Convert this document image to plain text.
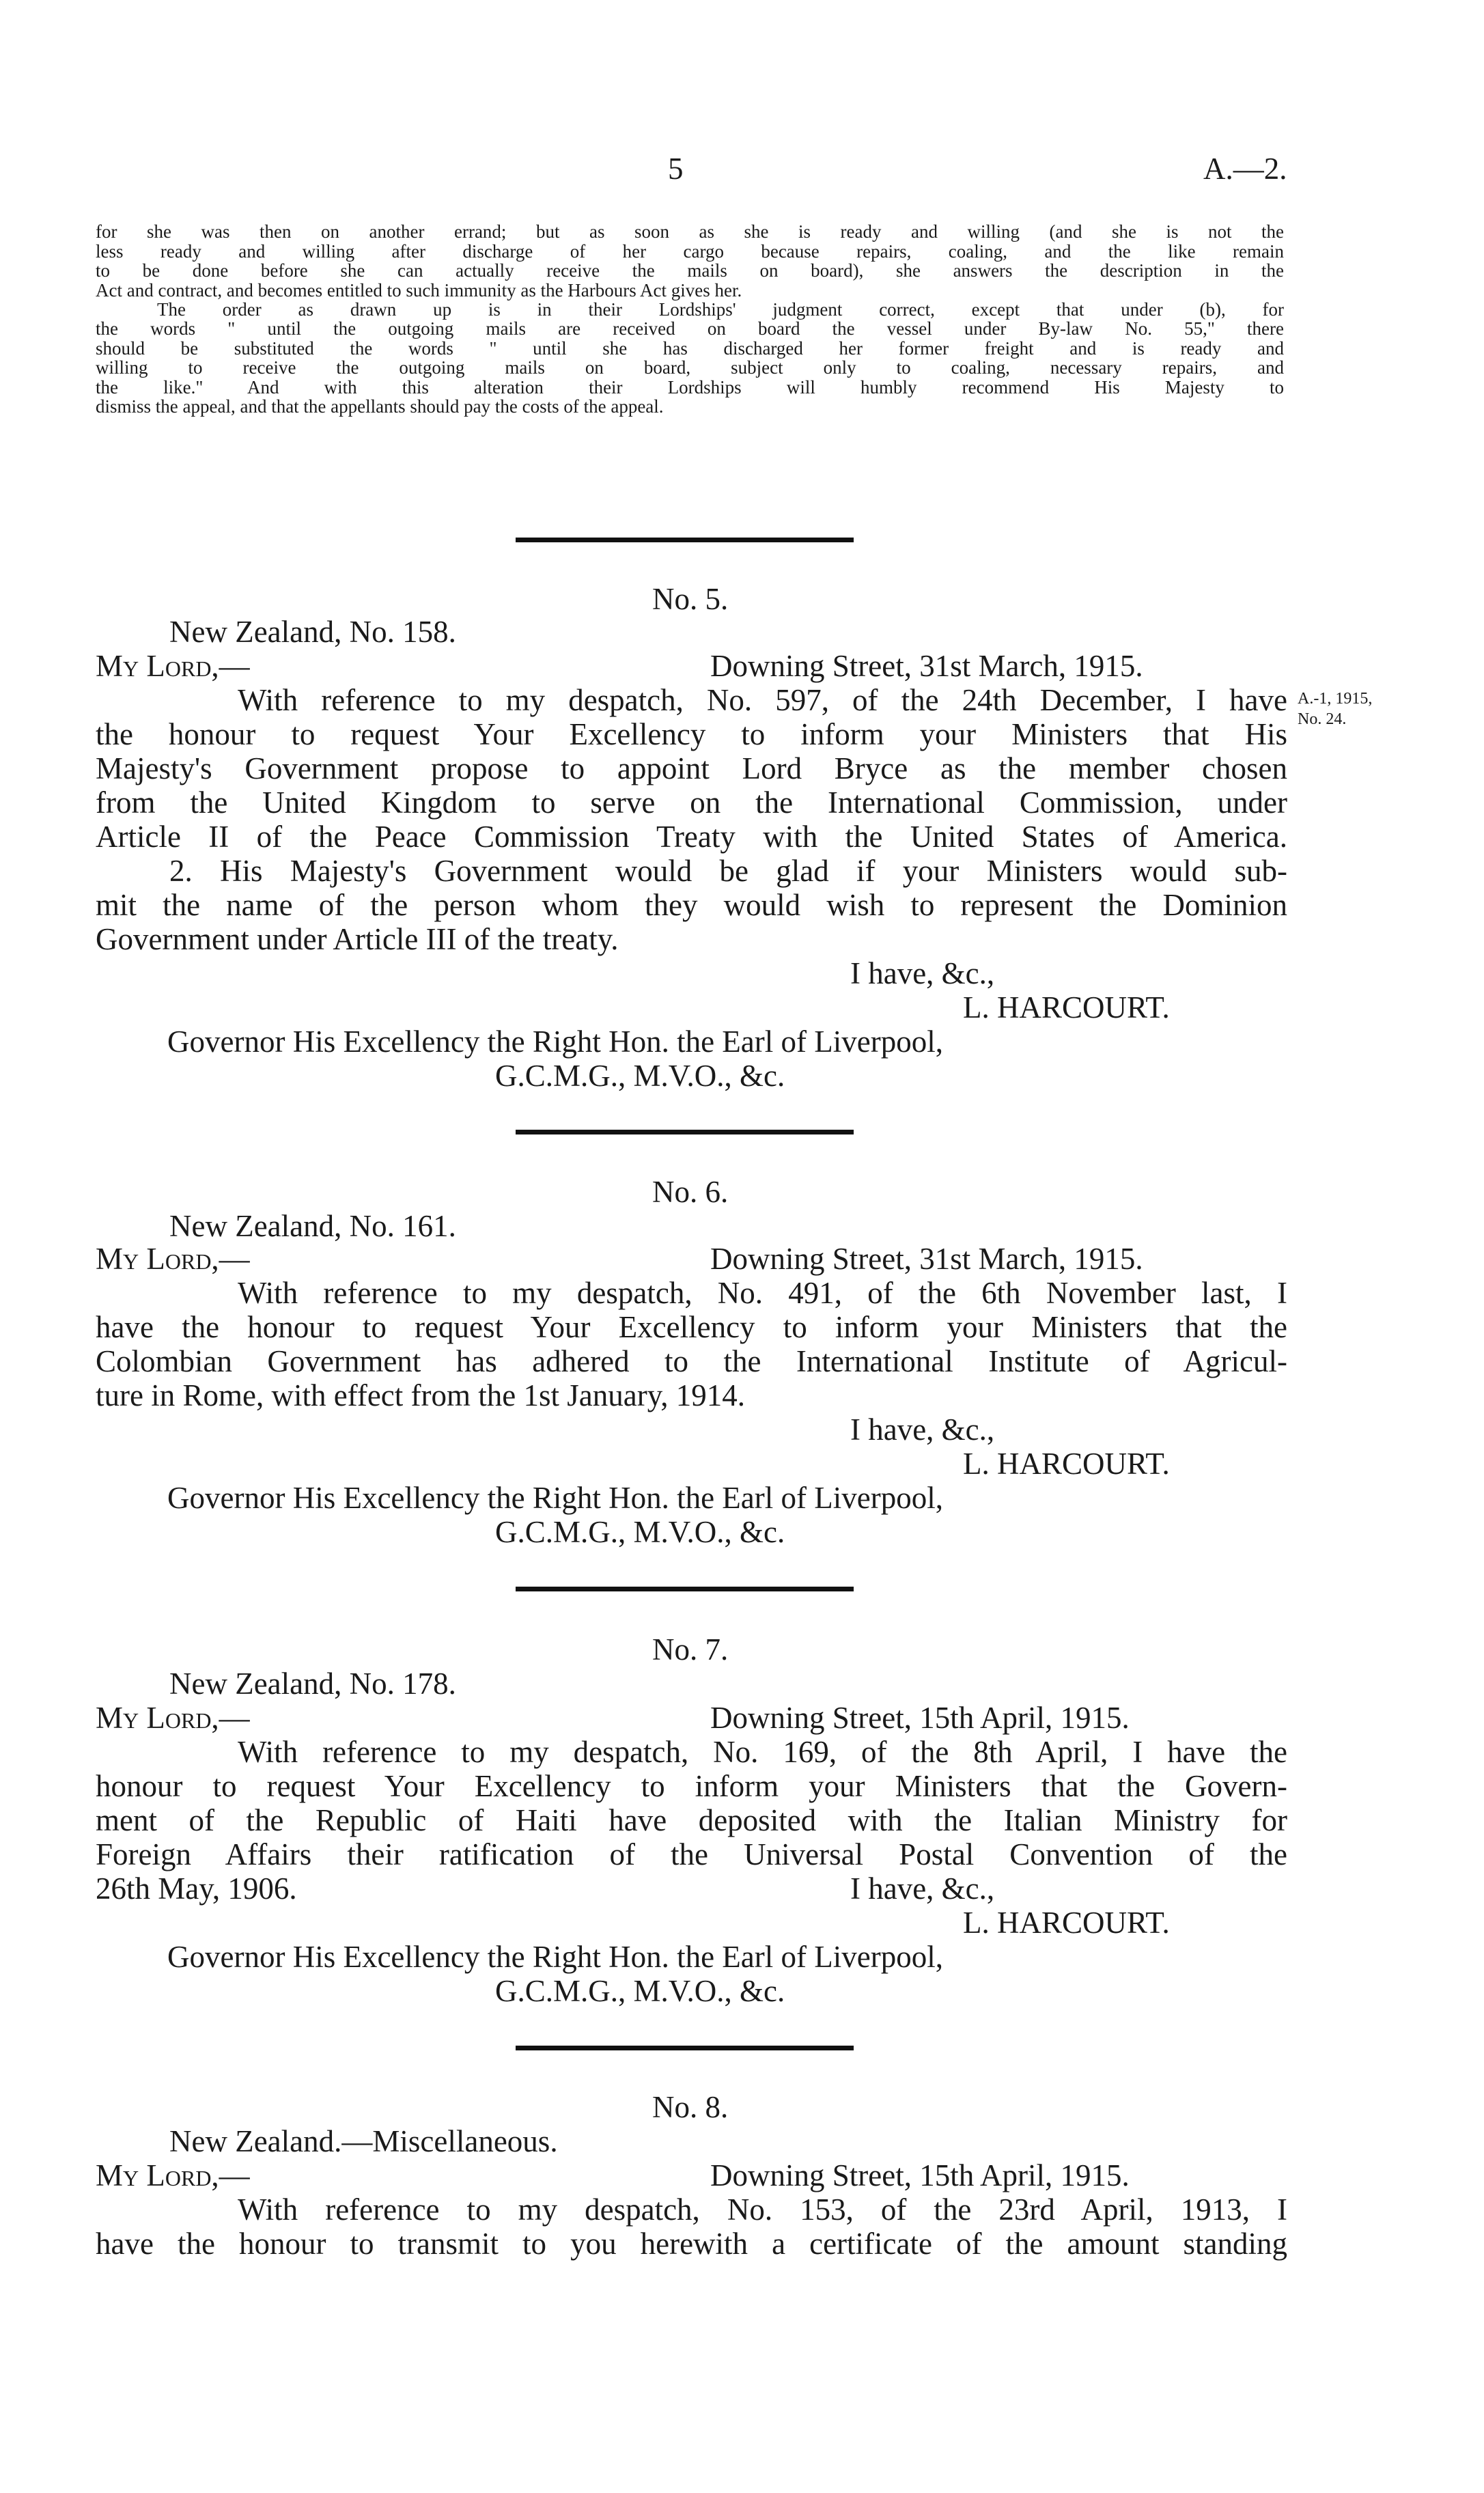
5	A.—2.
for she was then on another errand; but as soon as she is ready and willing (and she is not the
less ready and willing after discharge of her cargo because repairs, coaling, and the like remain
to be done before she can actually receive the mails on board), she answers the description in the
Act and contract, and becomes entitled to such immunity as the Harbours Act gives her.
The order as drawn up is in their Lordships' judgment correct, except that under (b), for
the words " until the outgoing mails are received on board the vessel under By-law No. 55," there
should be substituted the words " until she has discharged her former freight and is ready and
willing to receive the outgoing mails on board, subject only to coaling, necessary repairs, and
the like." And with this alteration their Lordships will humbly recommend His Majesty to
dismiss the appeal, and that the appellants should pay the costs of the appeal.
No. 5.
New Zealand, No. 158.
My Lord,—	Downing Street, 31st March, 1915.
With reference to my despatch, No. 597, of the 24th December, I have
the honour to request Your Excellency to inform your Ministers that His
Majesty's Government propose to appoint Lord Bryce as the member chosen
from the United Kingdom to serve on the International Commission, under
Article II of the Peace Commission Treaty with the United States of America.
2. His Majesty's Government would be glad if your Ministers would sub-
mit the name of the person whom they would wish to represent the Dominion
Government under Article III of the treaty.
A.-1, 1915,
No. 24.
I have, &c.,
L. HARCOURT.
Governor His Excellency the Right Hon. the Earl of Liverpool,
G.C.M.G., M.V.O., &c.
No. 6.
New Zealand, No. 161.
My Lord,—	Downing Street, 31st March, 1915.
With reference to my despatch, No. 491, of the 6th November last, I
have the honour to request Your Excellency to inform your Ministers that the
Colombian Government has adhered to the International Institute of Agricul-
ture in Rome, with effect from the 1st January, 1914.
I have, &c.,
L. HARCOURT.
Governor His Excellency the Right Hon. the Earl of Liverpool,
G.C.M.G., M.V.O., &c.
No. 7.
New Zealand, No. 178.
My Lord,—	Downing Street, 15th April, 1915.
With reference to my despatch, No. 169, of the 8th April, I have the
honour to request Your Excellency to inform your Ministers that the Govern-
ment of the Republic of Haiti have deposited with the Italian Ministry for
Foreign Affairs their ratification of the Universal Postal Convention of the
26th May, 1906.	I have, &c.,
L. HARCOURT.
Governor His Excellency the Right Hon. the Earl of Liverpool,
G.C.M.G., M.V.O., &c.
No. 8.
New Zealand.—Miscellaneous.
My Lord,—	Downing Street, 15th April, 1915.
With reference to my despatch, No. 153, of the 23rd April, 1913, I
have the honour to transmit to you herewith a certificate of the amount standing
